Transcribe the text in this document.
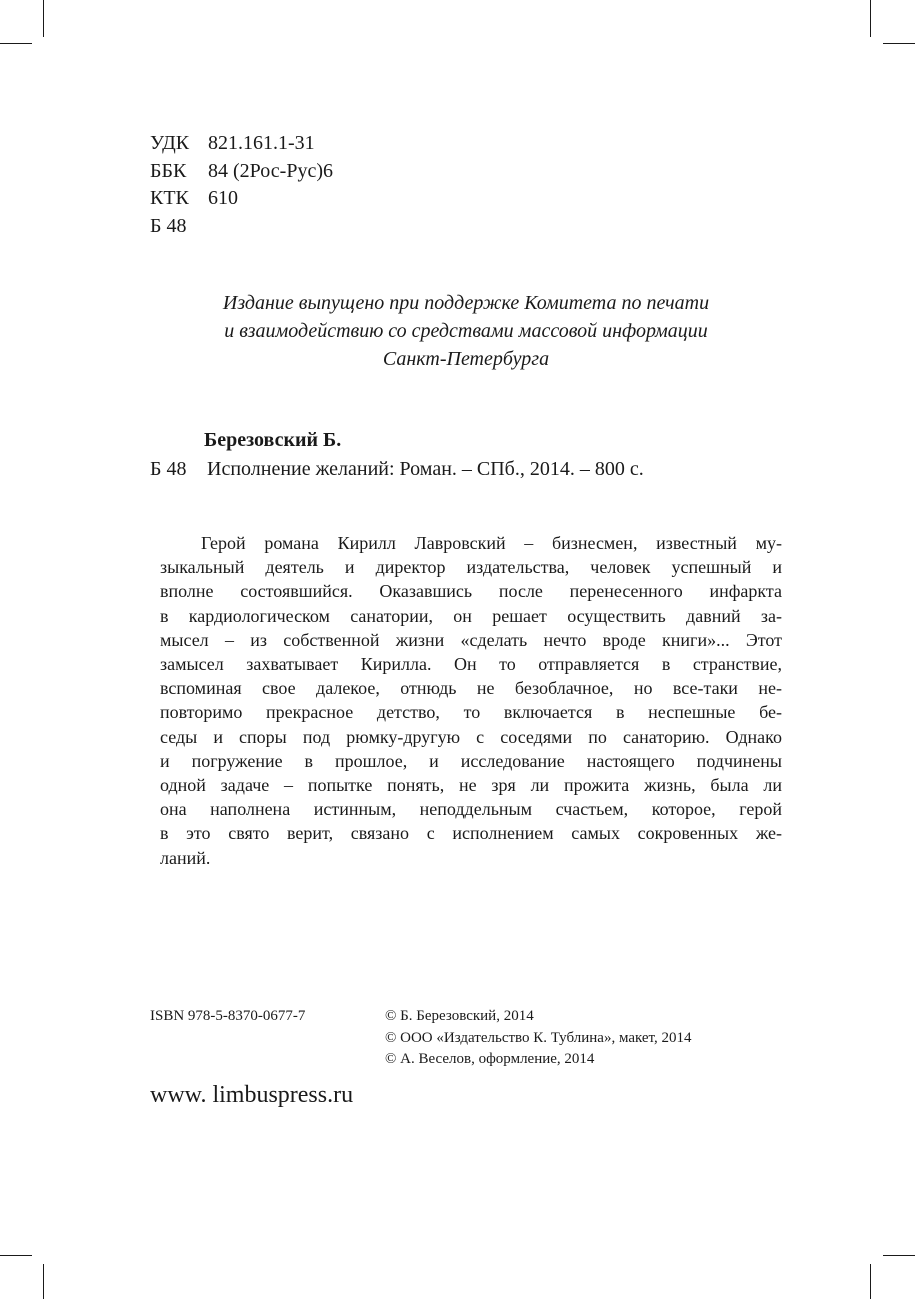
УДК 821.161.1-31
ББК	84 (2Рос-Рус)6
КТК 610
Б 48
Издание выпущено при поддержке Комитета по печати
и взаимодействию со средствами массовой информации
Санкт-Петербурга
Березовский Б.
Б 48 Исполнение желаний: Роман. – СПб., 2014. – 800 с.
Герой романа Кирилл Лавровский – бизнесмен, известный му-
зыкальный деятель и директор издательства, человек успешный и
вполне состоявшийся. Оказавшись после перенесенного инфаркта
в кардиологическом санатории, он решает осуществить давний за-
мысел – из собственной жизни «сделать нечто вроде книги»... Этот
замысел захватывает Кирилла. Он то отправляется в странствие,
вспоминая свое далекое, отнюдь не безоблачное, но все-таки не-
повторимо прекрасное детство, то включается в неспешные бе-
седы и споры под рюмку-другую с соседями по санаторию. Однако
и погружение в прошлое, и исследование настоящего подчинены
одной задаче – попытке понять, не зря ли прожита жизнь, была ли
она наполнена истинным, неподдельным счастьем, которое, герой
в это свято верит, связано с исполнением самых сокровенных же-
ланий.
ISBN 978-5-8370-0677-7	© Б. Березовский, 2014
© ООО «Издательство К. Тублина», макет, 2014
© А. Веселов, оформление, 2014
www. limbuspress.ru
